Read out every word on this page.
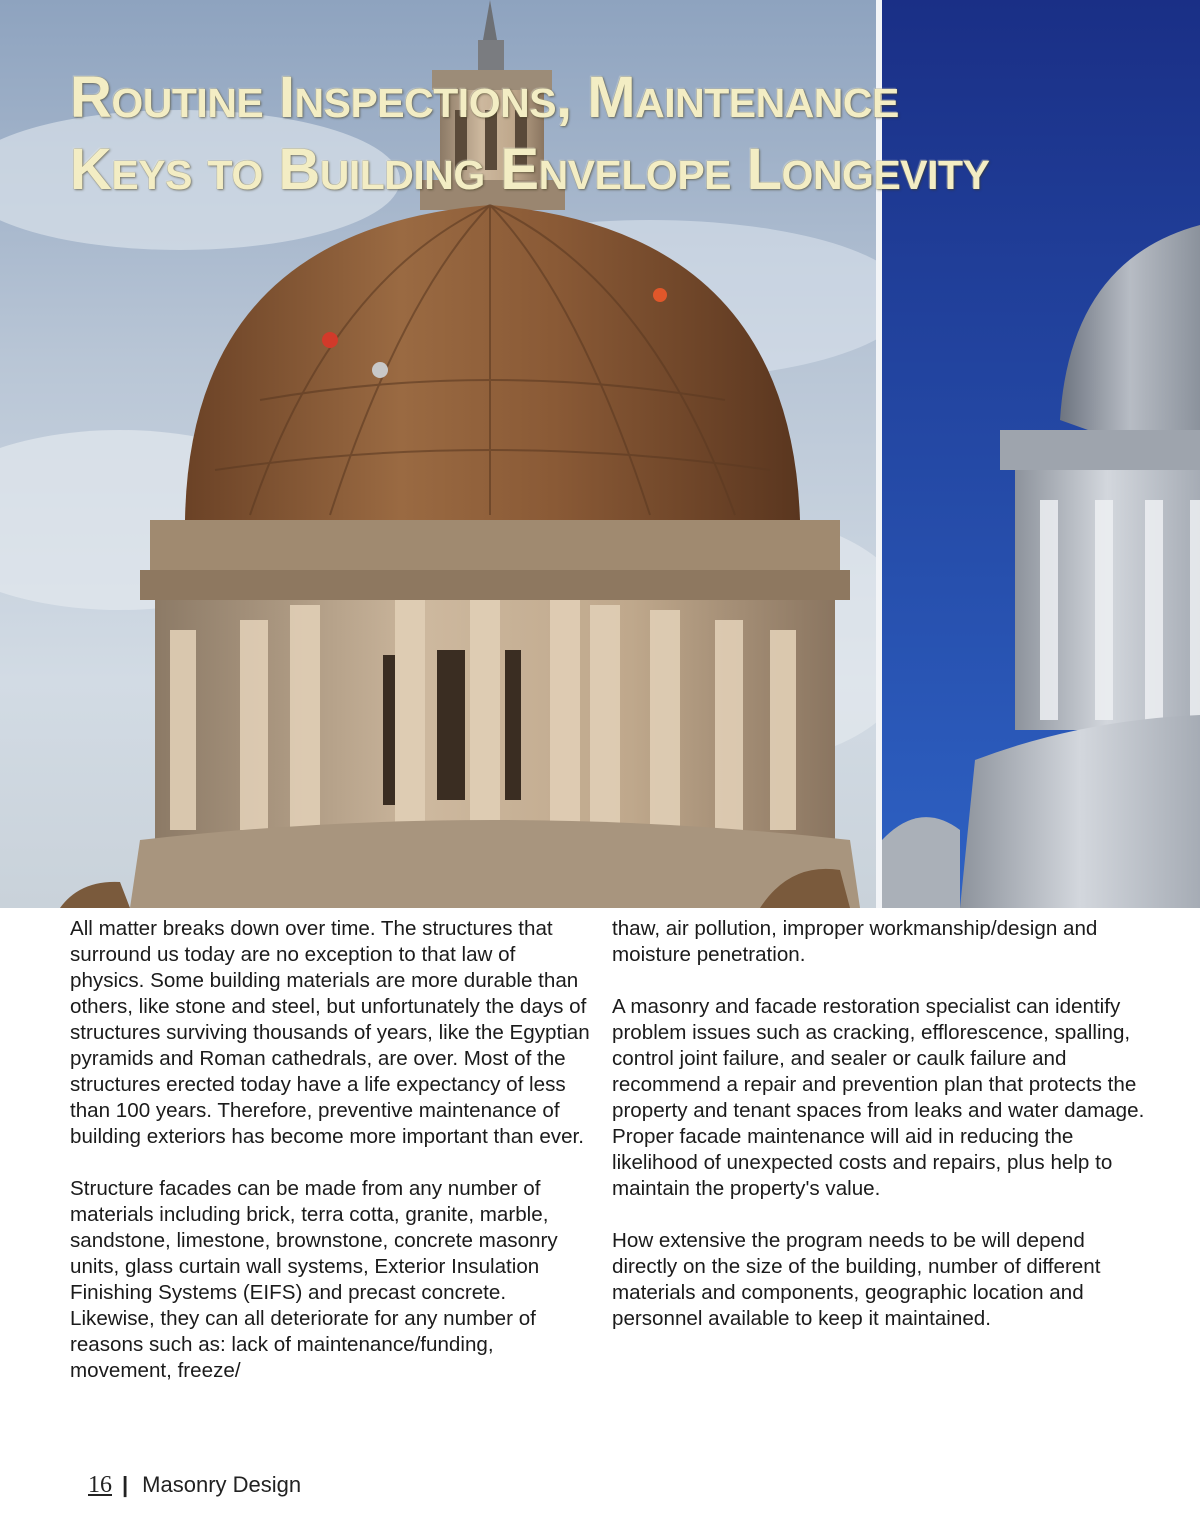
Routine Inspections, Maintenance
Keys to Building Envelope Longevity

All matter breaks down over time. The structures that surround us today are no exception to that law of physics. Some building materials are more durable than others, like stone and steel, but unfortunately the days of structures surviving thousands of years, like the Egyptian pyramids and Roman cathedrals, are over. Most of the structures erected today have a life expectancy of less than 100 years. Therefore, preventive maintenance of building exteriors has become more important than ever.

Structure facades can be made from any number of materials including brick, terra cotta, granite, marble, sandstone, limestone, brownstone, concrete masonry units, glass curtain wall systems, Exterior Insulation Finishing Systems (EIFS) and precast concrete. Likewise, they can all deteriorate for any number of reasons such as: lack of maintenance/funding, movement, freeze/

thaw, air pollution, improper workmanship/design and moisture penetration.

A masonry and facade restoration specialist can identify problem issues such as cracking, efflorescence, spalling, control joint failure, and sealer or caulk failure and recommend a repair and prevention plan that protects the property and tenant spaces from leaks and water damage. Proper facade maintenance will aid in reducing the likelihood of unexpected costs and repairs, plus help to maintain the property's value.

How extensive the program needs to be will depend directly on the size of the building, number of different materials and components, geographic location and personnel available to keep it maintained.

16 | Masonry Design
